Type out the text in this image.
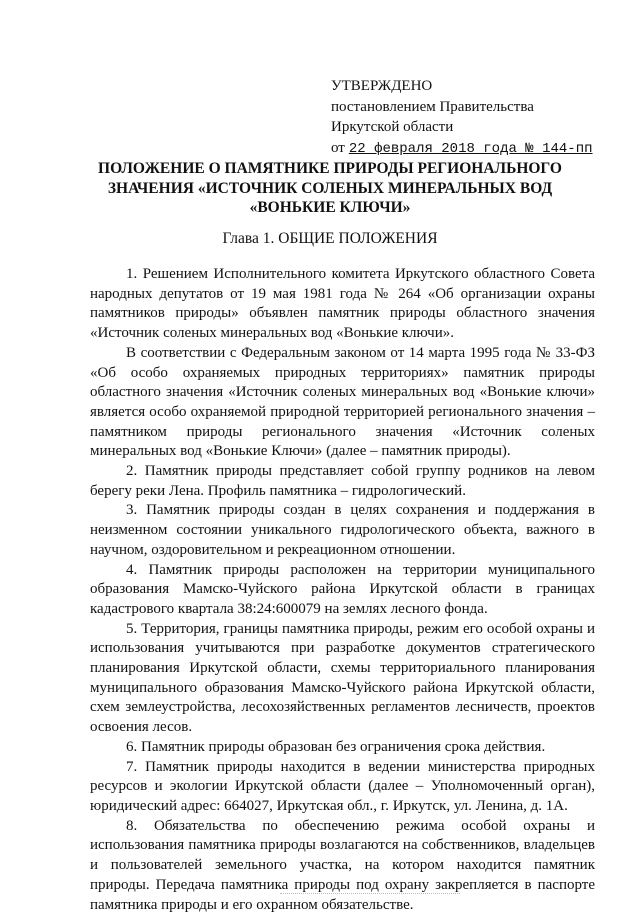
УТВЕРЖДЕНО
постановлением Правительства
Иркутской области
от 22 февраля 2018 года № 144-пп
ПОЛОЖЕНИЕ О ПАМЯТНИКЕ ПРИРОДЫ РЕГИОНАЛЬНОГО ЗНАЧЕНИЯ «ИСТОЧНИК СОЛЕНЫХ МИНЕРАЛЬНЫХ ВОД «ВОНЬКИЕ КЛЮЧИ»
Глава 1. ОБЩИЕ ПОЛОЖЕНИЯ

1. Решением Исполнительного комитета Иркутского областного Совета народных депутатов от 19 мая 1981 года № 264 «Об организации охраны памятников природы» объявлен памятник природы областного значения «Источник соленых минеральных вод «Вонькие ключи».

В соответствии с Федеральным законом от 14 марта 1995 года № 33-ФЗ «Об особо охраняемых природных территориях» памятник природы областного значения «Источник соленых минеральных вод «Вонькие ключи» является особо охраняемой природной территорией регионального значения – памятником природы регионального значения «Источник соленых минеральных вод «Вонькие Ключи» (далее – памятник природы).

2. Памятник природы представляет собой группу родников на левом берегу реки Лена. Профиль памятника – гидрологический.

3. Памятник природы создан в целях сохранения и поддержания в неизменном состоянии уникального гидрологического объекта, важного в научном, оздоровительном и рекреационном отношении.

4. Памятник природы расположен на территории муниципального образования Мамско-Чуйского района Иркутской области в границах кадастрового квартала 38:24:600079 на землях лесного фонда.

5. Территория, границы памятника природы, режим его особой охраны и использования учитываются при разработке документов стратегического планирования Иркутской области, схемы территориального планирования муниципального образования Мамско-Чуйского района Иркутской области, схем землеустройства, лесохозяйственных регламентов лесничеств, проектов освоения лесов.

6. Памятник природы образован без ограничения срока действия.

7. Памятник природы находится в ведении министерства природных ресурсов и экологии Иркутской области (далее – Уполномоченный орган), юридический адрес: 664027, Иркутская обл., г. Иркутск, ул. Ленина, д. 1А.

8. Обязательства по обеспечению режима особой охраны и использования памятника природы возлагаются на собственников, владельцев и пользователей земельного участка, на котором находится памятник природы. Передача памятника природы под охрану закрепляется в паспорте памятника природы и его охранном обязательстве.
